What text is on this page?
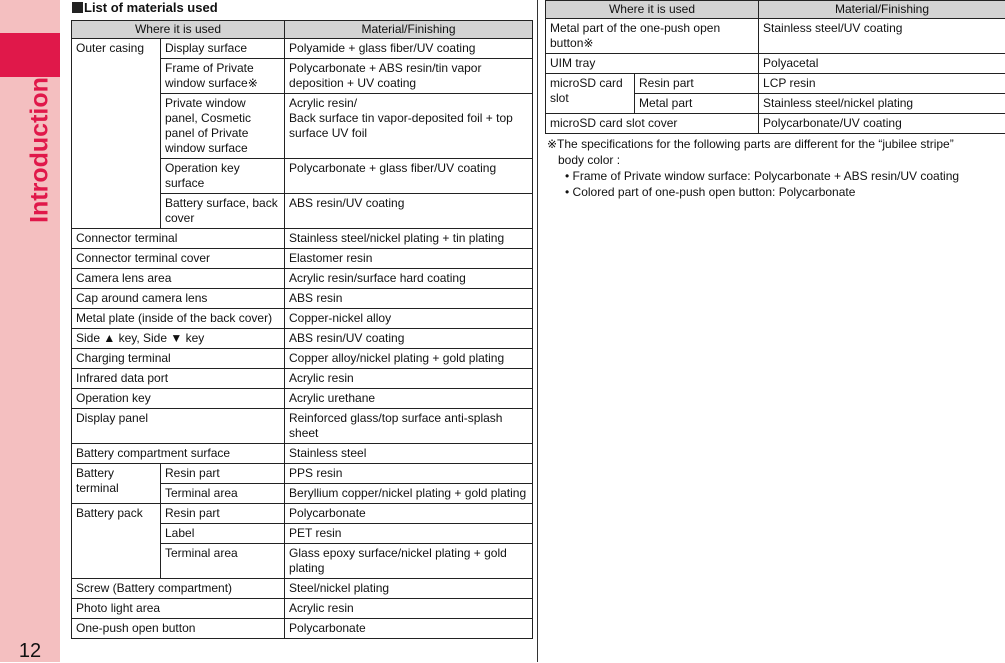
Introduction
12
List of materials used
Where it is used		Material/Finishing
Outer casing	Display surface	Polyamide + glass fiber/UV coating
	Frame of Private window surface※	Polycarbonate + ABS resin/tin vapor deposition + UV coating
	Private window panel, Cosmetic panel of Private window surface	Acrylic resin/
Back surface tin vapor-deposited foil + top surface UV foil
	Operation key surface	Polycarbonate + glass fiber/UV coating
	Battery surface, back cover	ABS resin/UV coating
Connector terminal		Stainless steel/nickel plating + tin plating
Connector terminal cover		Elastomer resin
Camera lens area		Acrylic resin/surface hard coating
Cap around camera lens		ABS resin
Metal plate (inside of the back cover)		Copper-nickel alloy
Side ▲ key, Side ▼ key		ABS resin/UV coating
Charging terminal		Copper alloy/nickel plating + gold plating
Infrared data port		Acrylic resin
Operation key		Acrylic urethane
Display panel		Reinforced glass/top surface anti-splash sheet
Battery compartment surface		Stainless steel
Battery terminal	Resin part	PPS resin
	Terminal area	Beryllium copper/nickel plating + gold plating
Battery pack	Resin part	Polycarbonate
	Label	PET resin
	Terminal area	Glass epoxy surface/nickel plating + gold plating
Screw (Battery compartment)		Steel/nickel plating
Photo light area		Acrylic resin
One-push open button		Polycarbonate
Where it is used		Material/Finishing
Metal part of the one-push open button※		Stainless steel/UV coating
UIM tray		Polyacetal
microSD card slot	Resin part	LCP resin
	Metal part	Stainless steel/nickel plating
microSD card slot cover		Polycarbonate/UV coating
※The specifications for the following parts are different for the “jubilee stripe”
body color :
• Frame of Private window surface: Polycarbonate + ABS resin/UV coating
• Colored part of one-push open button: Polycarbonate
